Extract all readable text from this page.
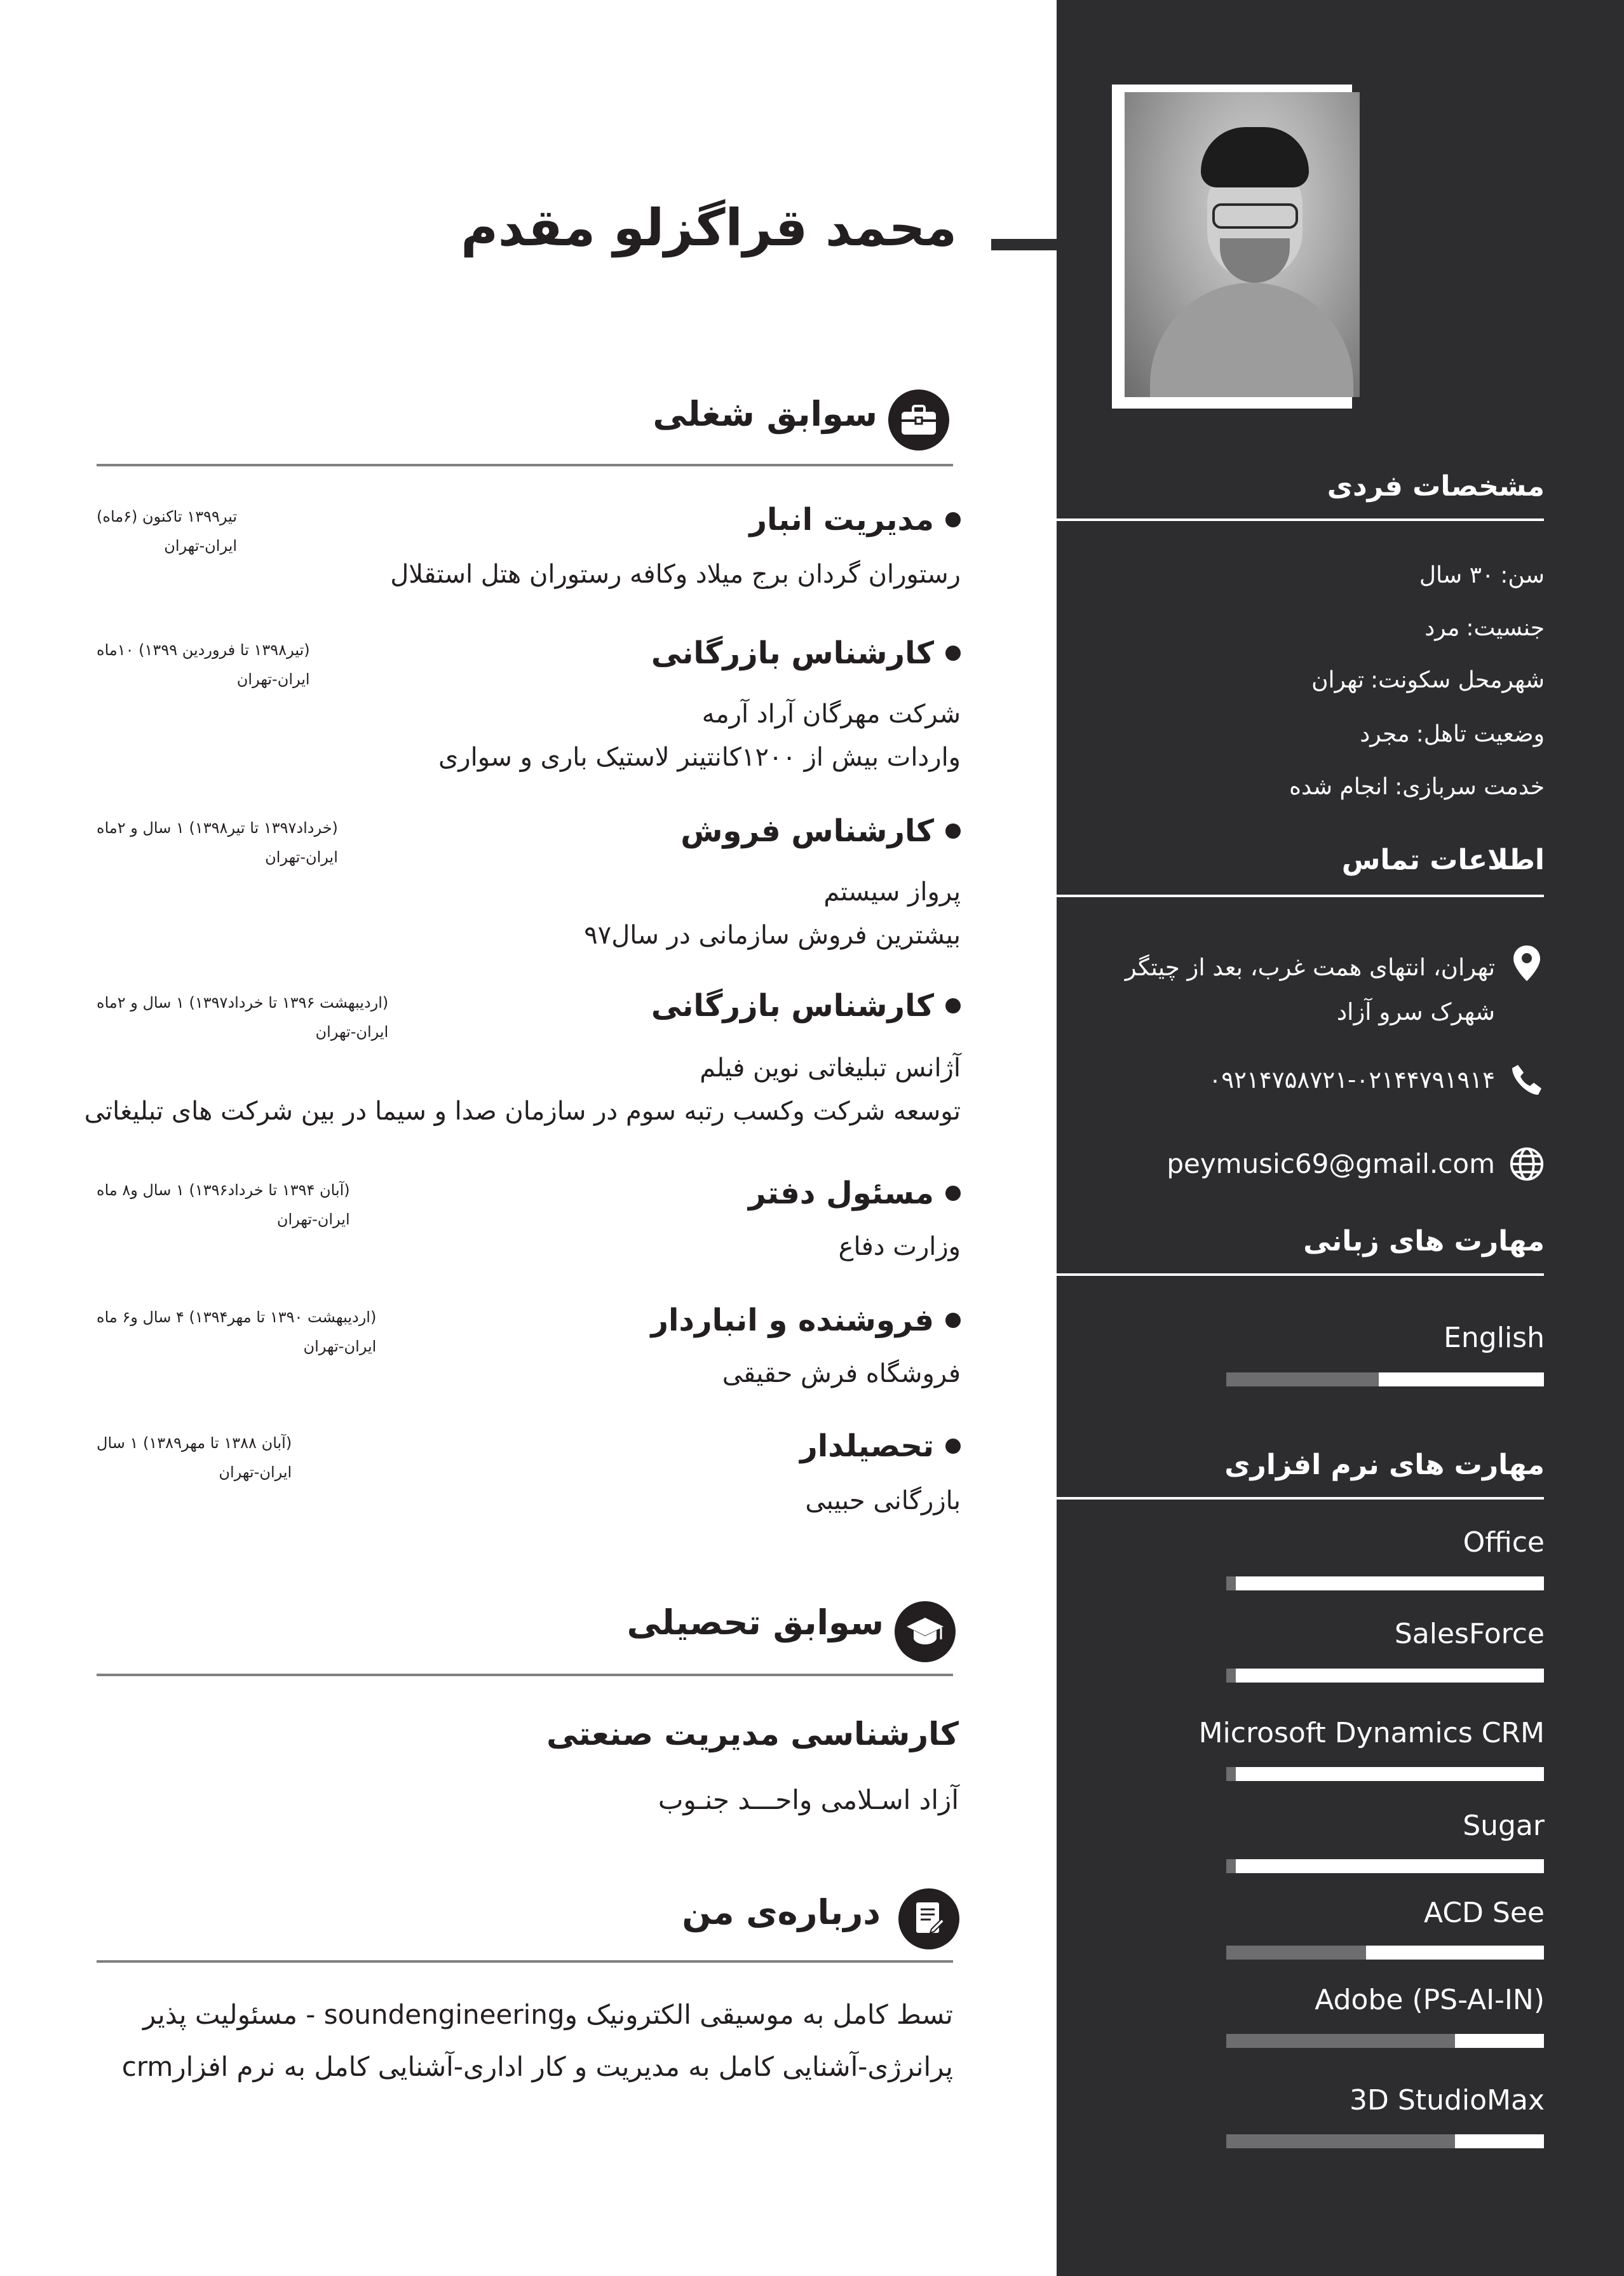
مشخصات فردی
سن:۳۰ سال
جنسیت:مرد
شهرمحل سکونت:تهران
وضعیت تاهل:مجرد
خدمت سربازی:انجام شده
اطلاعات تماس
تهران، انتهای همت غرب، بعد از چیتگر
شهرک سرو آزاد
۰۹۲۱۴۷۵۸۷۲۱-۰۲۱۴۴۷۹۱۹۱۴
peymusic69@gmail.com
مهارت های زبانی
English
مهارت های نرم افزاری
Office
SalesForce
Microsoft Dynamics CRM
Sugar
ACD See
Adobe (PS-AI-IN)
3D StudioMax
محمد قراگزلو مقدم
سوابق شغلی
مدیریت انبار
تیر۱۳۹۹ تاکنون (۶ماه)
ایران-تهران
رستوران گردان برج میلاد وکافه رستوران هتل استقلال
کارشناس بازرگانی
(تیر۱۳۹۸ تا فروردین ۱۳۹۹) ۱۰ماه
ایران-تهران
شرکت مهرگان آراد آرمه
واردات بیش از ۱۲۰۰کانتینر لاستیک باری و سواری
کارشناس فروش
(خرداد۱۳۹۷ تا تیر۱۳۹۸) ۱ سال و ۲ماه
ایران-تهران
پرواز سیستم
بیشترین فروش سازمانی در سال۹۷
کارشناس بازرگانی
(اردیبهشت ۱۳۹۶ تا خرداد۱۳۹۷) ۱ سال و ۲ماه
ایران-تهران
آژانس تبلیغاتی نوین فیلم
توسعه شرکت وکسب رتبه سوم در سازمان صدا و سیما در بین شرکت های تبلیغاتی
مسئول دفتر
(آبان ۱۳۹۴ تا خرداد۱۳۹۶) ۱ سال و۸ ماه
ایران-تهران
وزارت دفاع
فروشنده و انباردار
(اردیبهشت ۱۳۹۰ تا مهر۱۳۹۴) ۴ سال و۶ ماه
ایران-تهران
فروشگاه فرش حقیقی
تحصیلدار
(آبان ۱۳۸۸ تا مهر۱۳۸۹) ۱ سال
ایران-تهران
بازرگانی حبیبی
سوابق تحصیلی
کارشناسی مدیریت صنعتی
آزاد اسـلامی واحـــد جنـوب
درباره‌ی من
تسط کامل به موسیقی الکترونیک وsoundengineering - مسئولیت پذیر
پرانرژی-آشنایی کامل به مدیریت و کار اداری-آشنایی کامل به نرم افزارcrm
